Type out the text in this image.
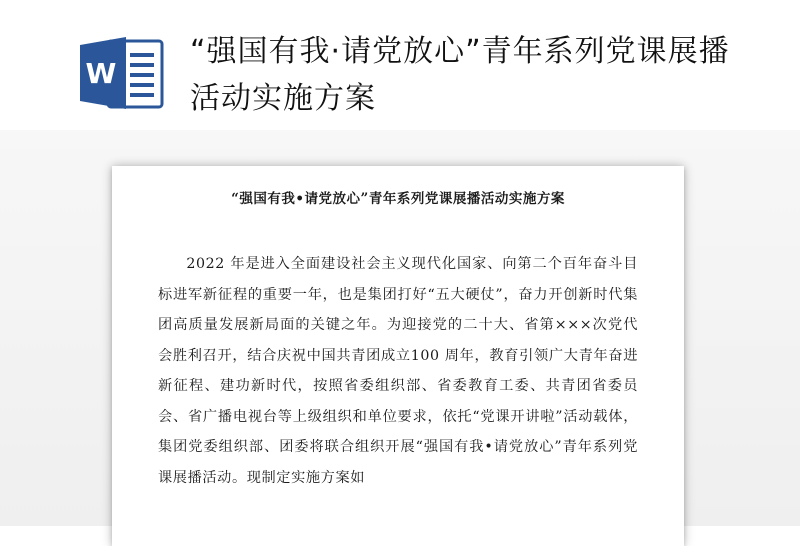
W
“强国有我·请党放心”青年系列党课展播活动实施方案
“强国有我•请党放心”青年系列党课展播活动实施方案

2022 年是进入全面建设社会主义现代化国家、向第二个百年奋斗目标进军新征程的重要一年，也是集团打好“五大硬仗”，奋力开创新时代集团高质量发展新局面的关键之年。为迎接党的二十大、省第×××次党代会胜利召开，结合庆祝中国共青团成立100 周年，教育引领广大青年奋进新征程、建功新时代，按照省委组织部、省委教育工委、共青团省委员会、省广播电视台等上级组织和单位要求，依托“党课开讲啦”活动载体，集团党委组织部、团委将联合组织开展“强国有我•请党放心”青年系列党课展播活动。现制定实施方案如
